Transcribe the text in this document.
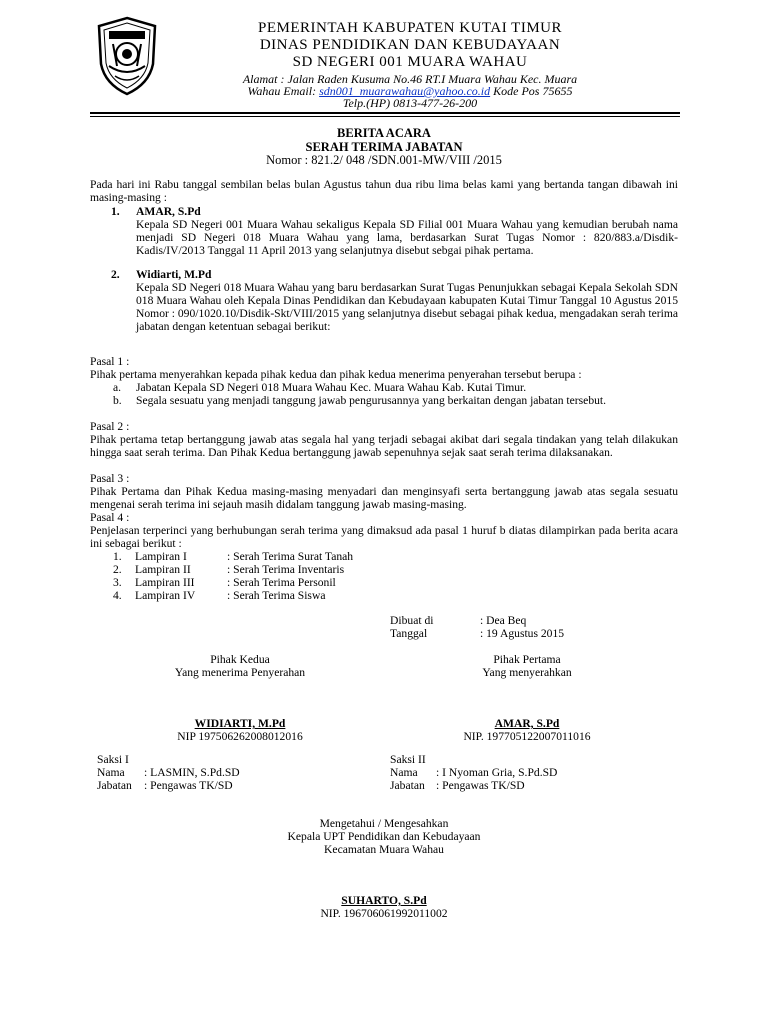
PEMERINTAH KABUPATEN KUTAI TIMUR
DINAS PENDIDIKAN DAN KEBUDAYAAN
SD NEGERI 001 MUARA WAHAU
Alamat : Jalan Raden Kusuma No.46 RT.I Muara Wahau Kec. Muara
Wahau Email: sdn001_muarawahau@yahoo.co.id Kode Pos 75655
Telp.(HP) 0813-477-26-200
BERITA ACARA
SERAH TERIMA JABATAN
Nomor : 821.2/ 048 /SDN.001-MW/VIII /2015
Pada hari ini Rabu tanggal sembilan belas bulan Agustus tahun dua ribu lima belas kami yang bertanda tangan dibawah ini masing-masing :
1. AMAR, S.Pd
Kepala SD Negeri 001 Muara Wahau sekaligus Kepala SD Filial 001 Muara Wahau yang kemudian berubah nama menjadi SD Negeri 018 Muara Wahau yang lama, berdasarkan Surat Tugas Nomor : 820/883.a/Disdik-Kadis/IV/2013 Tanggal 11 April 2013 yang selanjutnya disebut sebgai pihak pertama.
2. Widiarti, M.Pd
Kepala SD Negeri 018 Muara Wahau yang baru berdasarkan Surat Tugas Penunjukkan sebagai Kepala Sekolah SDN 018 Muara Wahau oleh Kepala Dinas Pendidikan dan Kebudayaan kabupaten Kutai Timur Tanggal 10 Agustus 2015 Nomor : 090/1020.10/Disdik-Skt/VIII/2015 yang selanjutnya disebut sebagai pihak kedua, mengadakan serah terima jabatan dengan ketentuan sebagai berikut:
Pasal 1 :
Pihak pertama menyerahkan kepada pihak kedua dan pihak kedua menerima penyerahan tersebut berupa :
a. Jabatan Kepala SD Negeri 018 Muara Wahau Kec. Muara Wahau Kab. Kutai Timur.
b. Segala sesuatu yang menjadi tanggung jawab pengurusannya yang berkaitan dengan jabatan tersebut.
Pasal 2 :
Pihak pertama tetap bertanggung jawab atas segala hal yang terjadi sebagai akibat dari segala tindakan yang telah dilakukan hingga saat serah terima. Dan Pihak Kedua bertanggung jawab sepenuhnya sejak saat serah terima dilaksanakan.
Pasal 3 :
Pihak Pertama dan Pihak Kedua masing-masing menyadari dan menginsyafi serta bertanggung jawab atas segala sesuatu mengenai serah terima ini sejauh masih didalam tanggung jawab masing-masing.
Pasal 4 :
Penjelasan terperinci yang berhubungan serah terima yang dimaksud ada pasal 1 huruf b diatas dilampirkan pada berita acara ini sebagai berikut :
1. Lampiran I	: Serah Terima Surat Tanah
2. Lampiran II	: Serah Terima Inventaris
3. Lampiran III	: Serah Terima Personil
4. Lampiran IV	: Serah Terima Siswa
Dibuat di	: Dea Beq
Tanggal	: 19 Agustus 2015
Pihak Kedua
Yang menerima Penyerahan
Pihak Pertama
Yang menyerahkan
WIDIARTI, M.Pd
NIP 197506262008012016
AMAR, S.Pd
NIP. 197705122007011016
Saksi I
Nama : LASMIN, S.Pd.SD
Jabatan : Pengawas TK/SD
Saksi II
Nama : I Nyoman Gria, S.Pd.SD
Jabatan : Pengawas TK/SD
Mengetahui / Mengesahkan
Kepala UPT Pendidikan dan Kebudayaan
Kecamatan Muara Wahau
SUHARTO, S.Pd
NIP. 196706061992011002
